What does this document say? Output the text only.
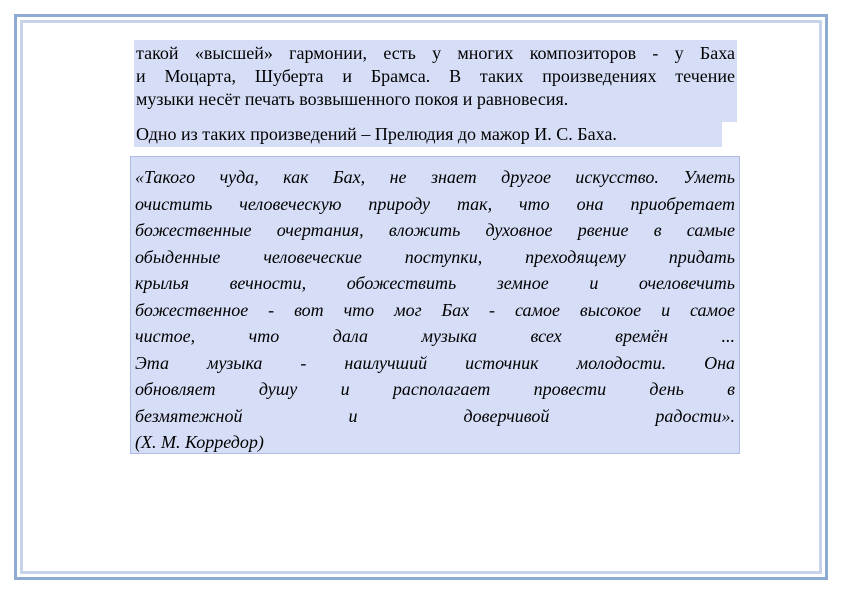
такой «высшей» гармонии, есть у многих композиторов - у Баха
и Моцарта, Шуберта и Брамса. В таких произведениях течение
музыки несёт печать возвышенного покоя и равновесия.

Одно из таких произведений – Прелюдия до мажор И. С. Баха.
«Такого чуда, как Бах, не знает другое искусство. Уметь
очистить человеческую природу так, что она приобретает
божественные очертания, вложить духовное рвение в самые
обыденные человеческие поступки, преходящему придать
крылья вечности, обожествить земное и очеловечить
божественное - вот что мог Бах - самое высокое и самое
чистое, что дала музыка всех времён ...
Эта музыка - наилучший источник молодости. Она
обновляет душу и располагает провести день в
безмятежной и доверчивой радости».
(Х. М. Корредор)
